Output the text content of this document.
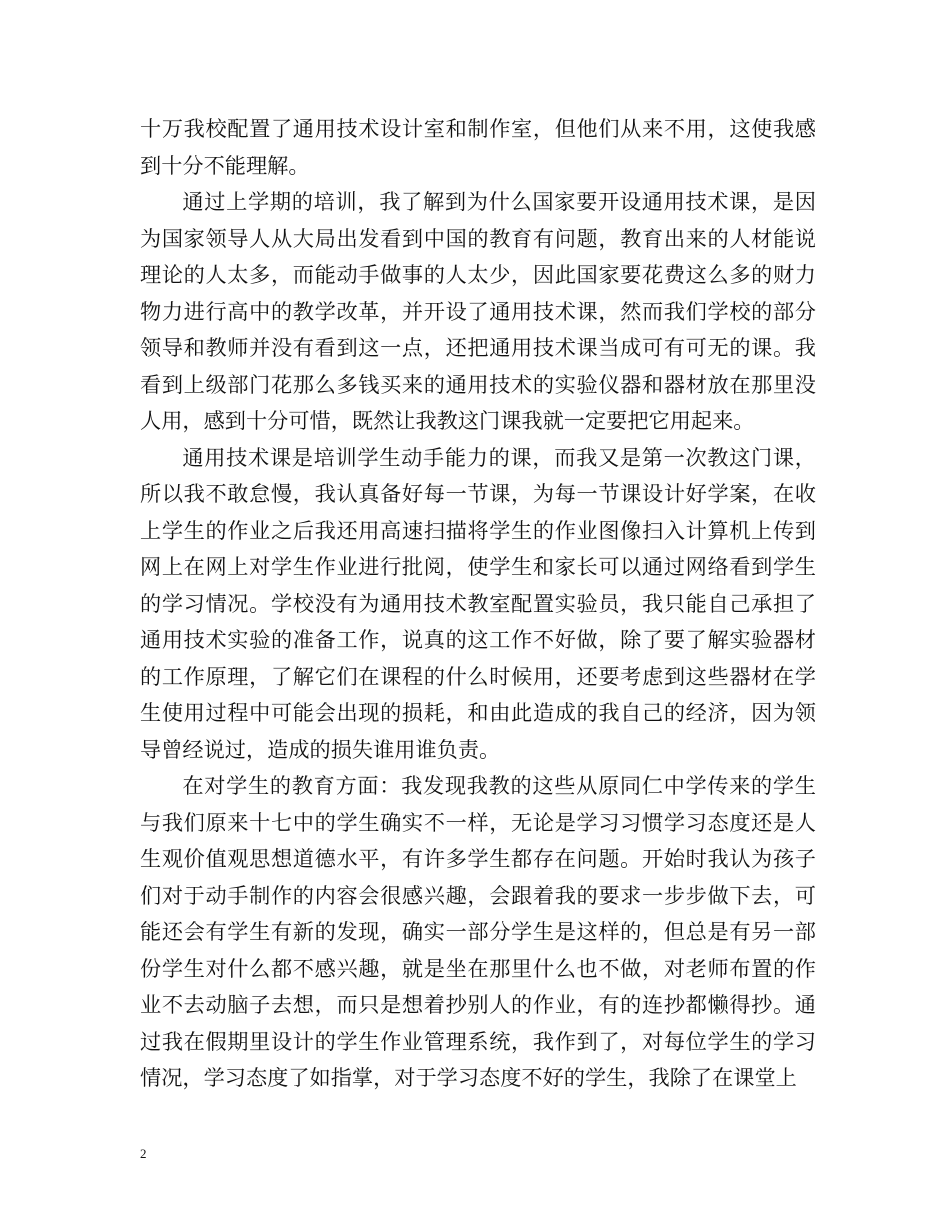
十万我校配置了通用技术设计室和制作室，但他们从来不用，这使我感到十分不能理解。

通过上学期的培训，我了解到为什么国家要开设通用技术课，是因为国家领导人从大局出发看到中国的教育有问题，教育出来的人材能说理论的人太多，而能动手做事的人太少，因此国家要花费这么多的财力物力进行高中的教学改革，并开设了通用技术课，然而我们学校的部分领导和教师并没有看到这一点，还把通用技术课当成可有可无的课。我看到上级部门花那么多钱买来的通用技术的实验仪器和器材放在那里没人用，感到十分可惜，既然让我教这门课我就一定要把它用起来。

通用技术课是培训学生动手能力的课，而我又是第一次教这门课，所以我不敢怠慢，我认真备好每一节课，为每一节课设计好学案，在收上学生的作业之后我还用高速扫描将学生的作业图像扫入计算机上传到网上在网上对学生作业进行批阅，使学生和家长可以通过网络看到学生的学习情况。学校没有为通用技术教室配置实验员，我只能自己承担了通用技术实验的准备工作，说真的这工作不好做，除了要了解实验器材的工作原理，了解它们在课程的什么时候用，还要考虑到这些器材在学生使用过程中可能会出现的损耗，和由此造成的我自己的经济，因为领导曾经说过，造成的损失谁用谁负责。

在对学生的教育方面：我发现我教的这些从原同仁中学传来的学生与我们原来十七中的学生确实不一样，无论是学习习惯学习态度还是人生观价值观思想道德水平，有许多学生都存在问题。开始时我认为孩子们对于动手制作的内容会很感兴趣，会跟着我的要求一步步做下去，可能还会有学生有新的发现，确实一部分学生是这样的，但总是有另一部份学生对什么都不感兴趣，就是坐在那里什么也不做，对老师布置的作业不去动脑子去想，而只是想着抄别人的作业，有的连抄都懒得抄。通过我在假期里设计的学生作业管理系统，我作到了，对每位学生的学习情况，学习态度了如指掌，对于学习态度不好的学生，我除了在课堂上

2
